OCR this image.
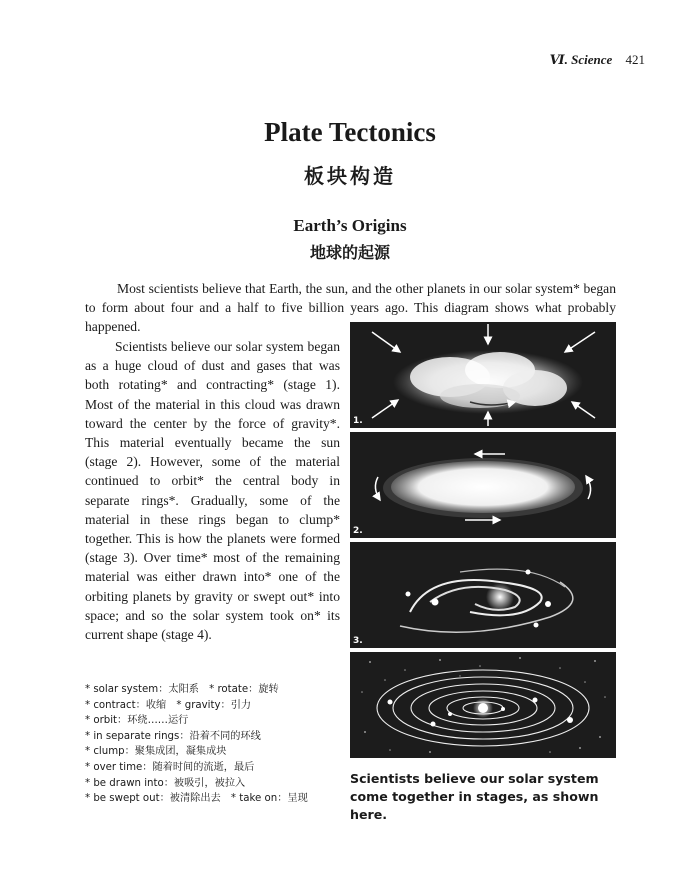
Ⅵ. Science 421
Plate Tectonics
板块构造
Earth’s Origins
地球的起源

Most scientists believe that Earth, the sun, and the other planets in our solar system* began to form about four and a half to five billion years ago. This diagram shows what probably happened.

Scientists believe our solar system began as a huge cloud of dust and gases that was both rotating* and contracting* (stage 1). Most of the material in this cloud was drawn toward the center by the force of gravity*. This material eventually became the sun (stage 2). However, some of the material continued to orbit* the central body in separate rings*. Gradually, some of the material in these rings began to clump* together. This is how the planets were formed (stage 3). Over time* most of the remaining material was either drawn into* one of the orbiting planets by gravity or swept out* into space; and so the solar system took on* its current shape (stage 4).

* solar system：太阳系　* rotate：旋转
* contract：收缩　* gravity：引力
* orbit：环绕……运行
* in separate rings：沿着不同的环线
* clump：聚集成团，凝集成块
* over time：随着时间的流逝，最后
* be drawn into：被吸引，被拉入
* be swept out：被清除出去　* take on：呈现
1.
2.
3.
Scientists believe our solar system come together in stages, as shown here.
